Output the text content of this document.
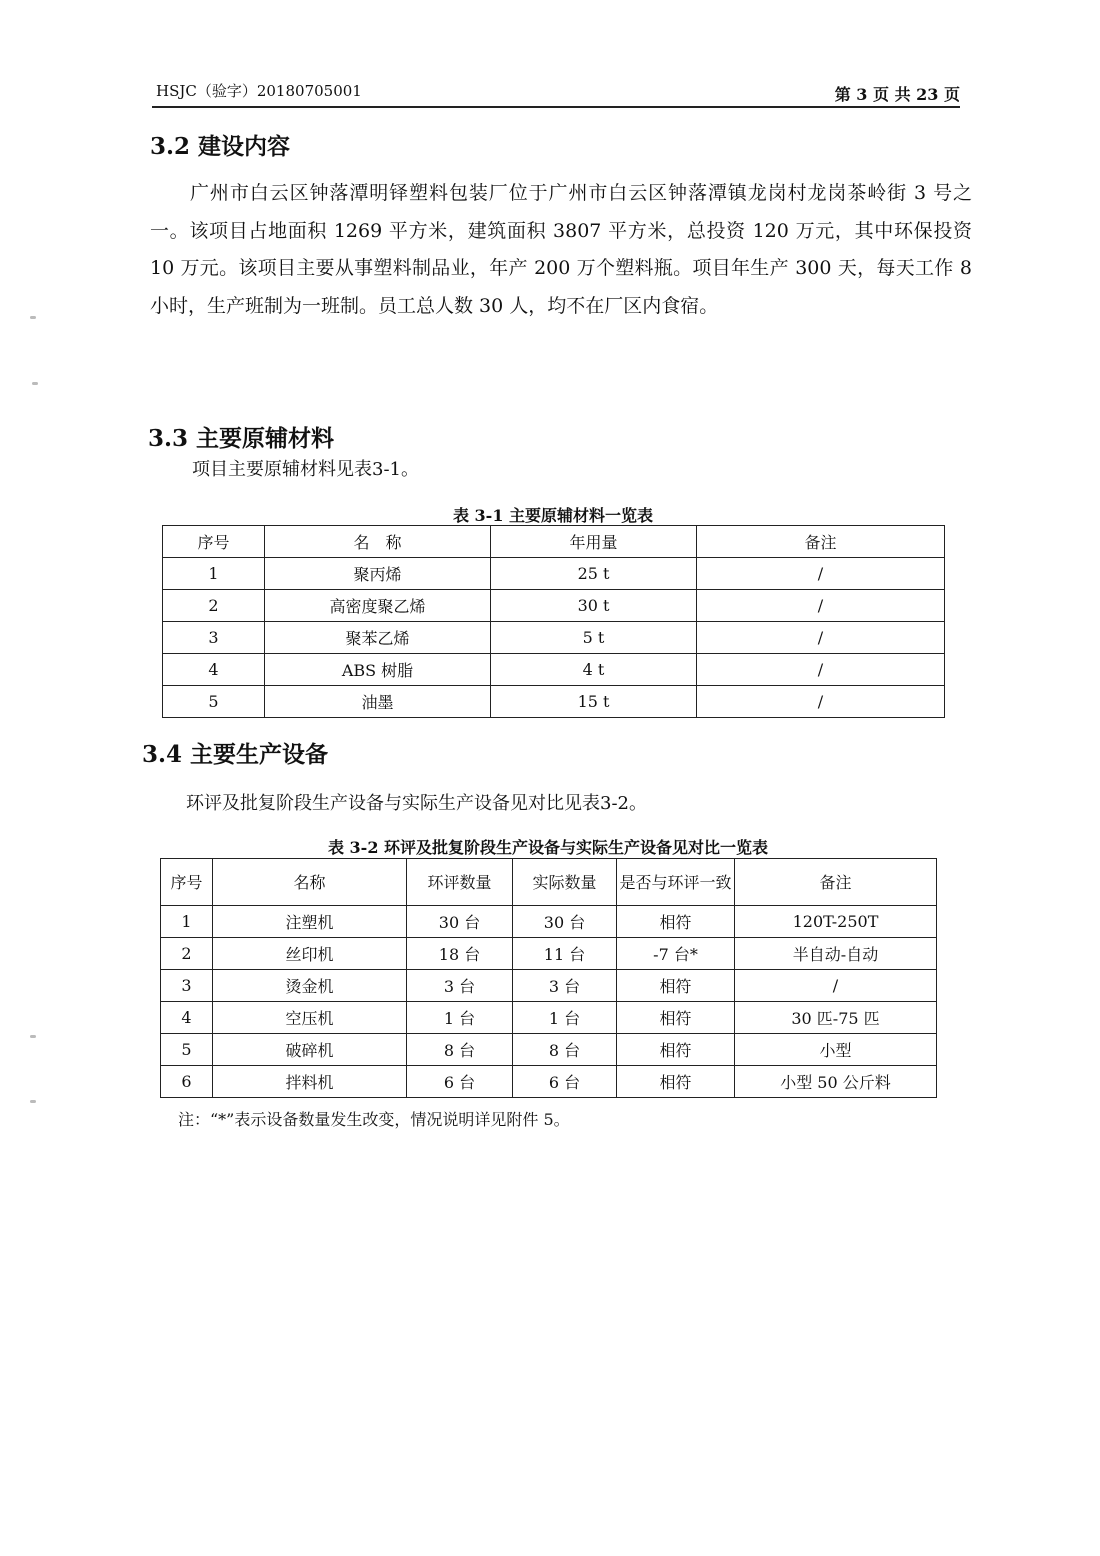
HSJC（验字）20180705001	第 3 页 共 23 页
3.2 建设内容

广州市白云区钟落潭明铎塑料包装厂位于广州市白云区钟落潭镇龙岗村龙岗茶岭街 3 号之一。该项目占地面积 1269 平方米，建筑面积 3807 平方米，总投资 120 万元，其中环保投资 10 万元。该项目主要从事塑料制品业，年产 200 万个塑料瓶。项目年生产 300 天，每天工作 8 小时，生产班制为一班制。员工总人数 30 人，均不在厂区内食宿。

3.3 主要原辅材料

项目主要原辅材料见表3-1。

表 3-1 主要原辅材料一览表

序号	名　称	年用量	备注
1	聚丙烯	25 t	/
2	高密度聚乙烯	30 t	/
3	聚苯乙烯	5 t	/
4	ABS 树脂	4 t	/
5	油墨	15 t	/
3.4 主要生产设备

环评及批复阶段生产设备与实际生产设备见对比见表3-2。

表 3-2 环评及批复阶段生产设备与实际生产设备见对比一览表

序号	名称	环评数量	实际数量	是否与环评一致	备注
1	注塑机	30 台	30 台	相符	120T-250T
2	丝印机	18 台	11 台	-7 台*	半自动-自动
3	烫金机	3 台	3 台	相符	/
4	空压机	1 台	1 台	相符	30 匹-75 匹
5	破碎机	8 台	8 台	相符	小型
6	拌料机	6 台	6 台	相符	小型 50 公斤料

注：“*”表示设备数量发生改变，情况说明详见附件 5。
